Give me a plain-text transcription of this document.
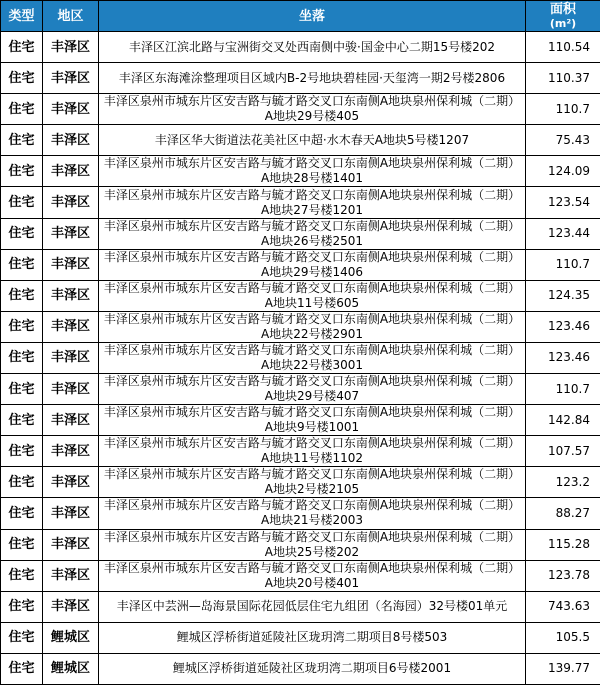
类型	地区	坐落	面积
(m²)

住宅	丰泽区	丰泽区江滨北路与宝洲街交叉处西南侧中骏·国金中心二期15号楼202	110.54
住宅	丰泽区	丰泽区东海滩涂整理项目区域内B-2号地块碧桂园·天玺湾一期2号楼2806	110.37
住宅	丰泽区	丰泽区泉州市城东片区安吉路与毓才路交叉口东南侧A地块泉州保利城（二期）A地块29号楼405	110.7
住宅	丰泽区	丰泽区华大街道法花美社区中超·水木春天A地块5号楼1207	75.43
住宅	丰泽区	丰泽区泉州市城东片区安吉路与毓才路交叉口东南侧A地块泉州保利城（二期）A地块28号楼1401	124.09
住宅	丰泽区	丰泽区泉州市城东片区安吉路与毓才路交叉口东南侧A地块泉州保利城（二期）A地块27号楼1201	123.54
住宅	丰泽区	丰泽区泉州市城东片区安吉路与毓才路交叉口东南侧A地块泉州保利城（二期）A地块26号楼2501	123.44
住宅	丰泽区	丰泽区泉州市城东片区安吉路与毓才路交叉口东南侧A地块泉州保利城（二期）A地块29号楼1406	110.7
住宅	丰泽区	丰泽区泉州市城东片区安吉路与毓才路交叉口东南侧A地块泉州保利城（二期）A地块11号楼605	124.35
住宅	丰泽区	丰泽区泉州市城东片区安吉路与毓才路交叉口东南侧A地块泉州保利城（二期）A地块22号楼2901	123.46
住宅	丰泽区	丰泽区泉州市城东片区安吉路与毓才路交叉口东南侧A地块泉州保利城（二期）A地块22号楼3001	123.46
住宅	丰泽区	丰泽区泉州市城东片区安吉路与毓才路交叉口东南侧A地块泉州保利城（二期）A地块29号楼407	110.7
住宅	丰泽区	丰泽区泉州市城东片区安吉路与毓才路交叉口东南侧A地块泉州保利城（二期）A地块9号楼1001	142.84
住宅	丰泽区	丰泽区泉州市城东片区安吉路与毓才路交叉口东南侧A地块泉州保利城（二期）A地块11号楼1102	107.57
住宅	丰泽区	丰泽区泉州市城东片区安吉路与毓才路交叉口东南侧A地块泉州保利城（二期）A地块2号楼2105	123.2
住宅	丰泽区	丰泽区泉州市城东片区安吉路与毓才路交叉口东南侧A地块泉州保利城（二期）A地块21号楼2003	88.27
住宅	丰泽区	丰泽区泉州市城东片区安吉路与毓才路交叉口东南侧A地块泉州保利城（二期）A地块25号楼202	115.28
住宅	丰泽区	丰泽区泉州市城东片区安吉路与毓才路交叉口东南侧A地块泉州保利城（二期）A地块20号楼401	123.78
住宅	丰泽区	丰泽区中芸洲—岛海景国际花园低层住宅九组团（名海园）32号楼01单元	743.63
住宅	鲤城区	鲤城区浮桥街道延陵社区珑玥湾二期项目8号楼503	105.5
住宅	鲤城区	鲤城区浮桥街道延陵社区珑玥湾二期项目6号楼2001	139.77
